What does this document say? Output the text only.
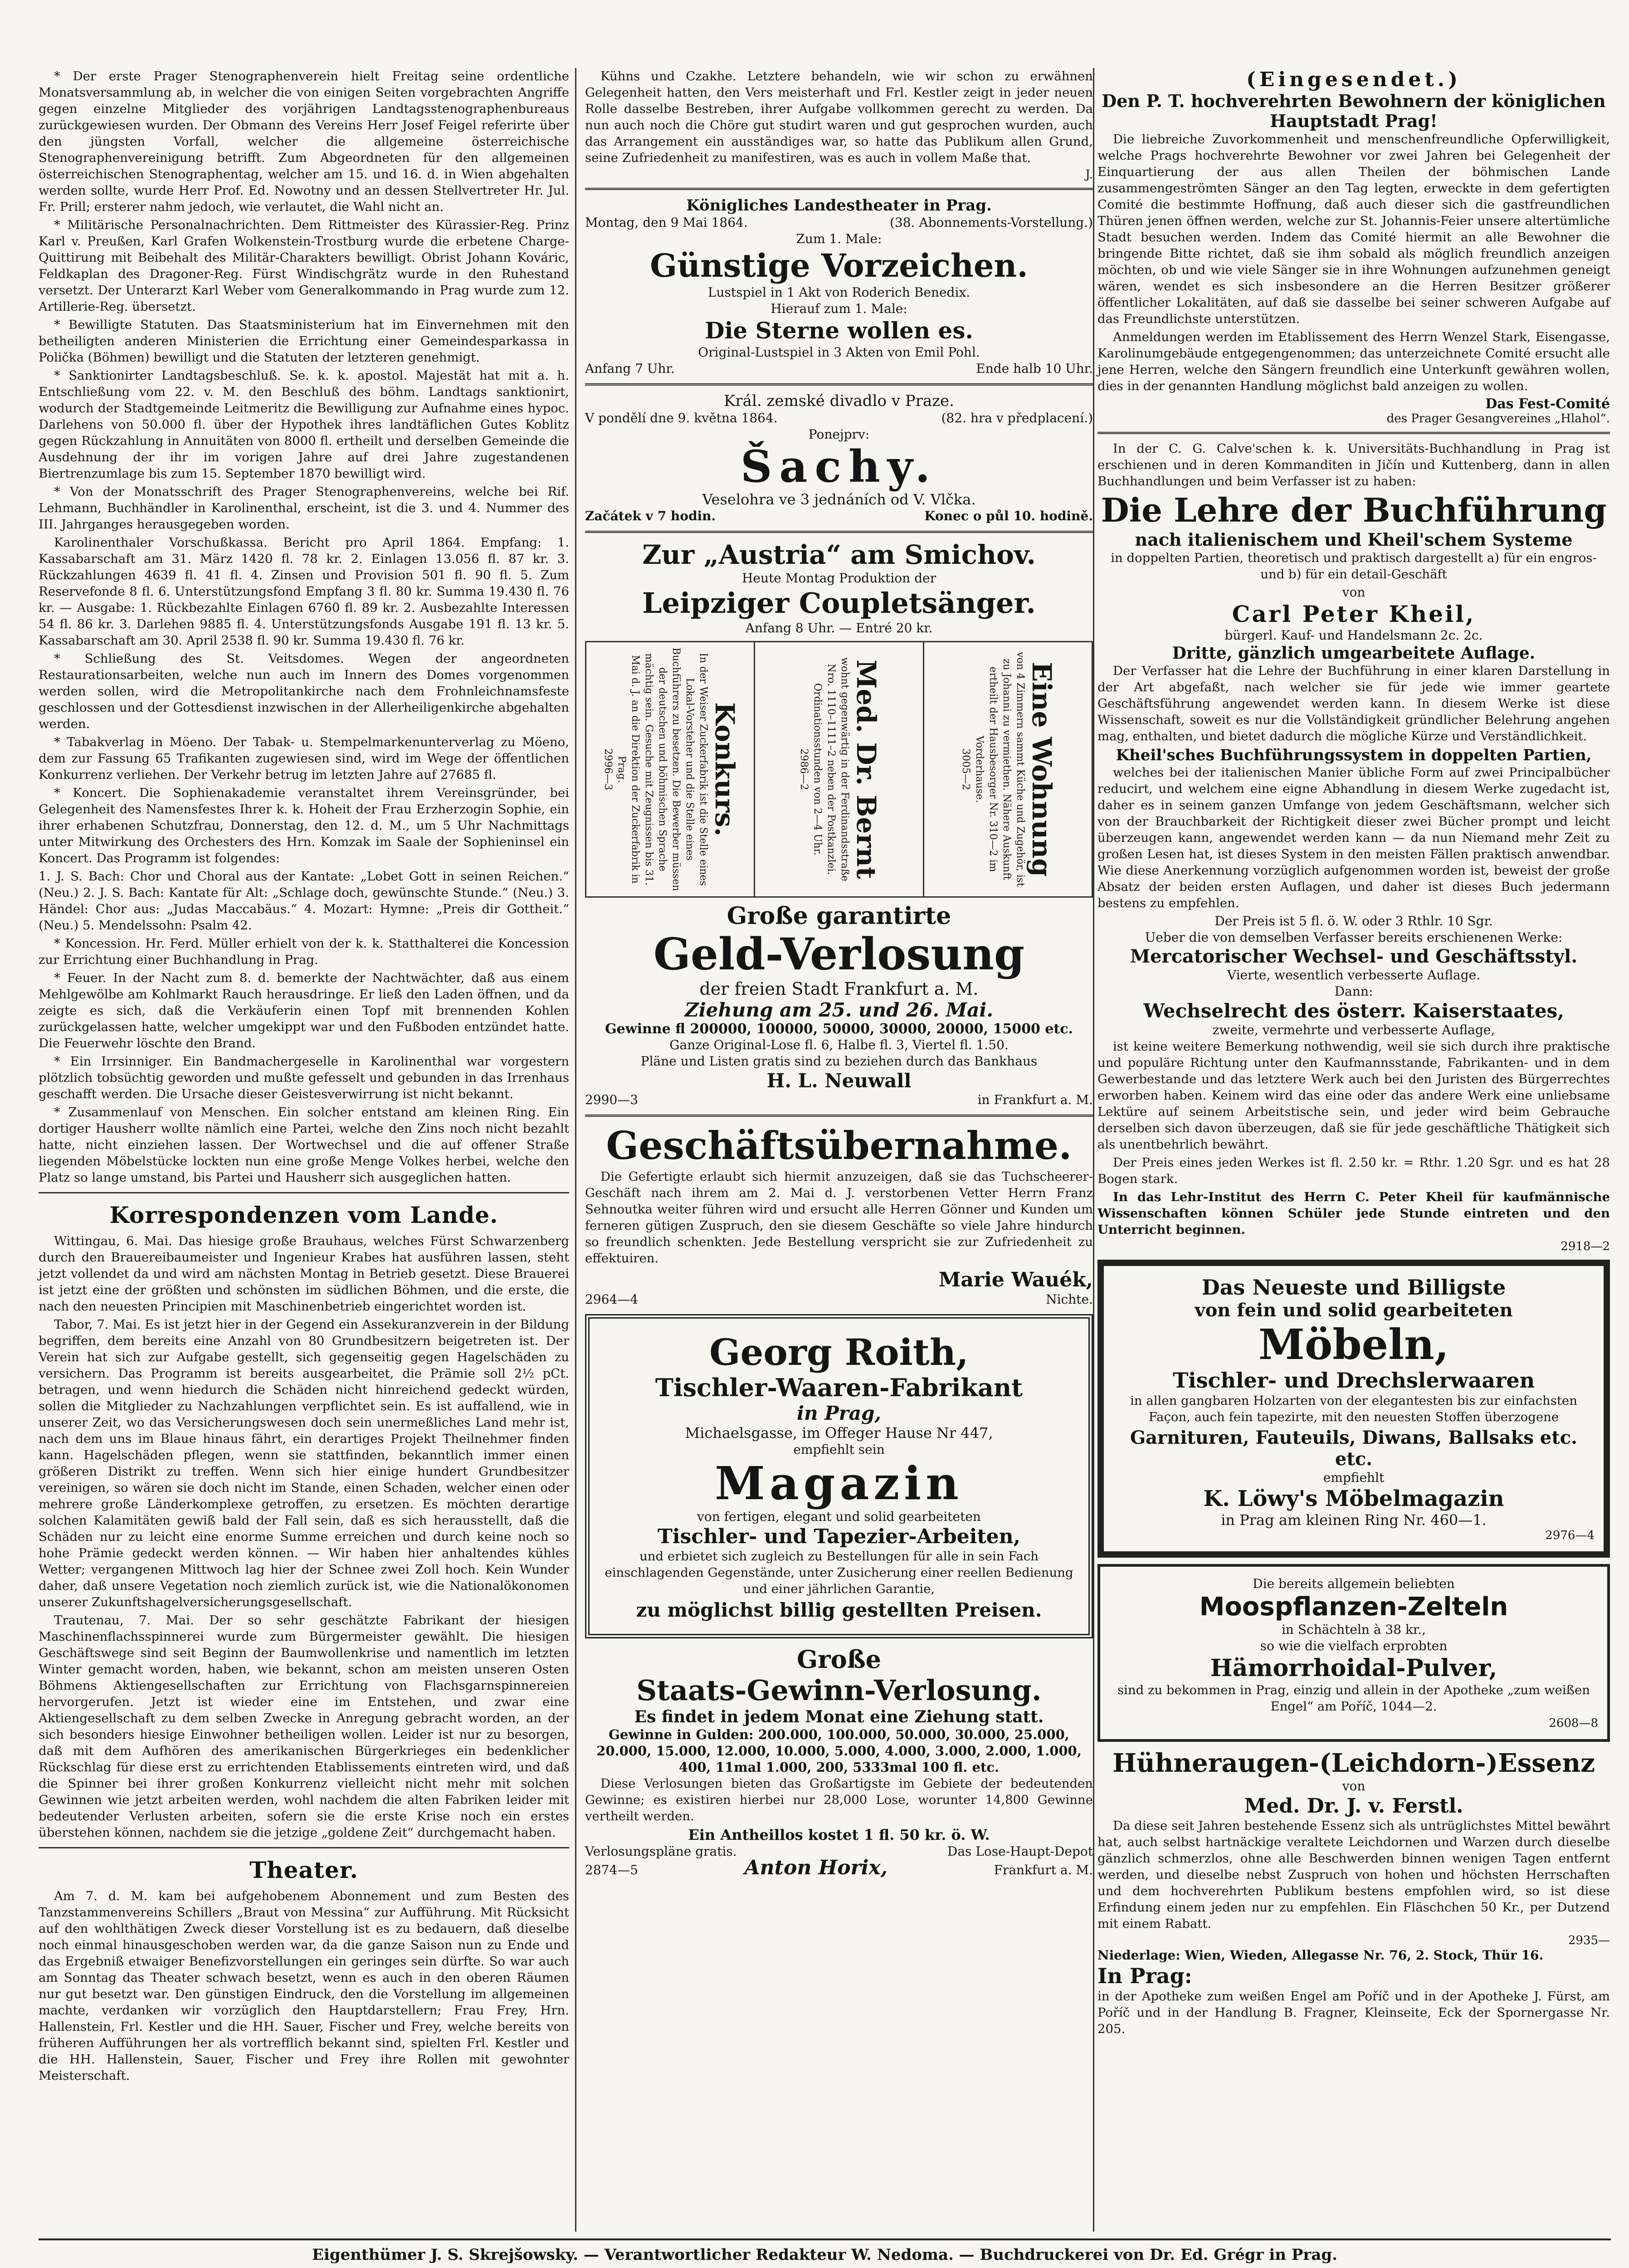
* Der erste Prager Stenographenverein hielt Freitag seine ordentliche Monatsversammlung ab, in welcher die von einigen Seiten vorgebrachten Angriffe gegen einzelne Mitglieder des vorjährigen Landtagsstenographenbureaus zurückgewiesen wurden. Der Obmann des Vereins Herr Josef Feigel referirte über den jüngsten Vorfall, welcher die allgemeine österreichische Stenographenvereinigung betrifft. Zum Abgeordneten für den allgemeinen österreichischen Stenographentag, welcher am 15. und 16. d. in Wien abgehalten werden sollte, wurde Herr Prof. Ed. Nowotny und an dessen Stellvertreter Hr. Jul. Fr. Prill; ersterer nahm jedoch, wie verlautet, die Wahl nicht an.

* Militärische Personalnachrichten. Dem Rittmeister des Kürassier-Reg. Prinz Karl v. Preußen, Karl Grafen Wolkenstein-Trostburg wurde die erbetene Charge-Quittirung mit Beibehalt des Militär-Charakters bewilligt. Obrist Johann Kováric, Feldkaplan des Dragoner-Reg. Fürst Windischgrätz wurde in den Ruhestand versetzt. Der Unterarzt Karl Weber vom Generalkommando in Prag wurde zum 12. Artillerie-Reg. übersetzt.

* Bewilligte Statuten. Das Staatsministerium hat im Einvernehmen mit den betheiligten anderen Ministerien die Errichtung einer Gemeindesparkassa in Polička (Böhmen) bewilligt und die Statuten der letzteren genehmigt.

* Sanktionirter Landtagsbeschluß. Se. k. k. apostol. Majestät hat mit a. h. Entschließung vom 22. v. M. den Beschluß des böhm. Landtags sanktionirt, wodurch der Stadtgemeinde Leitmeritz die Bewilligung zur Aufnahme eines hypoc. Darlehens von 50.000 fl. über der Hypothek ihres landtäflichen Gutes Koblitz gegen Rückzahlung in Annuitäten von 8000 fl. ertheilt und derselben Gemeinde die Ausdehnung der ihr im vorigen Jahre auf drei Jahre zugestandenen Biertrenzumlage bis zum 15. September 1870 bewilligt wird.

* Von der Monatsschrift des Prager Stenographenvereins, welche bei Rif. Lehmann, Buchhändler in Karolinenthal, erscheint, ist die 3. und 4. Nummer des III. Jahrganges herausgegeben worden.

Karolinenthaler Vorschußkassa. Bericht pro April 1864. Empfang: 1. Kassabarschaft am 31. März 1420 fl. 78 kr. 2. Einlagen 13.056 fl. 87 kr. 3. Rückzahlungen 4639 fl. 41 fl. 4. Zinsen und Provision 501 fl. 90 fl. 5. Zum Reservefonde 8 fl. 6. Unterstützungsfond Empfang 3 fl. 80 kr. Summa 19.430 fl. 76 kr. — Ausgabe: 1. Rückbezahlte Einlagen 6760 fl. 89 kr. 2. Ausbezahlte Interessen 54 fl. 86 kr. 3. Darlehen 9885 fl. 4. Unterstützungsfonds Ausgabe 191 fl. 13 kr. 5. Kassabarschaft am 30. April 2538 fl. 90 kr. Summa 19.430 fl. 76 kr.

* Schließung des St. Veitsdomes. Wegen der angeordneten Restaurationsarbeiten, welche nun auch im Innern des Domes vorgenommen werden sollen, wird die Metropolitankirche nach dem Frohnleichnamsfeste geschlossen und der Gottesdienst inzwischen in der Allerheiligenkirche abgehalten werden.

* Tabakverlag in Möeno. Der Tabak- u. Stempelmarkenunterverlag zu Möeno, dem zur Fassung 65 Trafikanten zugewiesen sind, wird im Wege der öffentlichen Konkurrenz verliehen. Der Verkehr betrug im letzten Jahre auf 27685 fl.

* Koncert. Die Sophienakademie veranstaltet ihrem Vereinsgründer, bei Gelegenheit des Namensfestes Ihrer k. k. Hoheit der Frau Erzherzogin Sophie, ein ihrer erhabenen Schutzfrau, Donnerstag, den 12. d. M., um 5 Uhr Nachmittags unter Mitwirkung des Orchesters des Hrn. Komzak im Saale der Sophieninsel ein Koncert. Das Programm ist folgendes:

1. J. S. Bach: Chor und Choral aus der Kantate: „Lobet Gott in seinen Reichen.“ (Neu.) 2. J. S. Bach: Kantate für Alt: „Schlage doch, gewünschte Stunde.“ (Neu.) 3. Händel: Chor aus: „Judas Maccabäus.“ 4. Mozart: Hymne: „Preis dir Gottheit.“ (Neu.) 5. Mendelssohn: Psalm 42.

* Koncession. Hr. Ferd. Müller erhielt von der k. k. Statthalterei die Koncession zur Errichtung einer Buchhandlung in Prag.

* Feuer. In der Nacht zum 8. d. bemerkte der Nachtwächter, daß aus einem Mehlgewölbe am Kohlmarkt Rauch herausdringe. Er ließ den Laden öffnen, und da zeigte es sich, daß die Verkäuferin einen Topf mit brennenden Kohlen zurückgelassen hatte, welcher umgekippt war und den Fußboden entzündet hatte. Die Feuerwehr löschte den Brand.

* Ein Irrsinniger. Ein Bandmachergeselle in Karolinenthal war vorgestern plötzlich tobsüchtig geworden und mußte gefesselt und gebunden in das Irrenhaus geschafft werden. Die Ursache dieser Geistesverwirrung ist nicht bekannt.

* Zusammenlauf von Menschen. Ein solcher entstand am kleinen Ring. Ein dortiger Hausherr wollte nämlich eine Partei, welche den Zins noch nicht bezahlt hatte, nicht einziehen lassen. Der Wortwechsel und die auf offener Straße liegenden Möbelstücke lockten nun eine große Menge Volkes herbei, welche den Platz so lange umstand, bis Partei und Hausherr sich ausgeglichen hatten.

Korrespondenzen vom Lande.

Wittingau, 6. Mai. Das hiesige große Brauhaus, welches Fürst Schwarzenberg durch den Brauereibaumeister und Ingenieur Krabes hat ausführen lassen, steht jetzt vollendet da und wird am nächsten Montag in Betrieb gesetzt. Diese Brauerei ist jetzt eine der größten und schönsten im südlichen Böhmen, und die erste, die nach den neuesten Principien mit Maschinenbetrieb eingerichtet worden ist.

Tabor, 7. Mai. Es ist jetzt hier in der Gegend ein Assekuranzverein in der Bildung begriffen, dem bereits eine Anzahl von 80 Grundbesitzern beigetreten ist. Der Verein hat sich zur Aufgabe gestellt, sich gegenseitig gegen Hagelschäden zu versichern. Das Programm ist bereits ausgearbeitet, die Prämie soll 2½ pCt. betragen, und wenn hiedurch die Schäden nicht hinreichend gedeckt würden, sollen die Mitglieder zu Nachzahlungen verpflichtet sein. Es ist auffallend, wie in unserer Zeit, wo das Versicherungswesen doch sein unermeßliches Land mehr ist, nach dem uns im Blaue hinaus fährt, ein derartiges Projekt Theilnehmer finden kann. Hagelschäden pflegen, wenn sie stattfinden, bekanntlich immer einen größeren Distrikt zu treffen. Wenn sich hier einige hundert Grundbesitzer vereinigen, so wären sie doch nicht im Stande, einen Schaden, welcher einen oder mehrere große Länderkomplexe getroffen, zu ersetzen. Es möchten derartige solchen Kalamitäten gewiß bald der Fall sein, daß es sich herausstellt, daß die Schäden nur zu leicht eine enorme Summe erreichen und durch keine noch so hohe Prämie gedeckt werden können. — Wir haben hier anhaltendes kühles Wetter; vergangenen Mittwoch lag hier der Schnee zwei Zoll hoch. Kein Wunder daher, daß unsere Vegetation noch ziemlich zurück ist, wie die Nationalökonomen unserer Zukunftshagelversicherungsgesellschaft.

Trautenau, 7. Mai. Der so sehr geschätzte Fabrikant der hiesigen Maschinenflachsspinnerei wurde zum Bürgermeister gewählt. Die hiesigen Geschäftswege sind seit Beginn der Baumwollenkrise und namentlich im letzten Winter gemacht worden, haben, wie bekannt, schon am meisten unseren Osten Böhmens Aktiengesellschaften zur Errichtung von Flachsgarnspinnereien hervorgerufen. Jetzt ist wieder eine im Entstehen, und zwar eine Aktiengesellschaft zu dem selben Zwecke in Anregung gebracht worden, an der sich besonders hiesige Einwohner betheiligen wollen. Leider ist nur zu besorgen, daß mit dem Aufhören des amerikanischen Bürgerkrieges ein bedenklicher Rückschlag für diese erst zu errichtenden Etablissements eintreten wird, und daß die Spinner bei ihrer großen Konkurrenz vielleicht nicht mehr mit solchen Gewinnen wie jetzt arbeiten werden, wohl nachdem die alten Fabriken leider mit bedeutender Verlusten arbeiten, sofern sie die erste Krise noch ein erstes überstehen können, nachdem sie die jetzige „goldene Zeit“ durchgemacht haben.

Theater.

Am 7. d. M. kam bei aufgehobenem Abonnement und zum Besten des Tanzstammenvereins Schillers „Braut von Messina“ zur Aufführung. Mit Rücksicht auf den wohlthätigen Zweck dieser Vorstellung ist es zu bedauern, daß dieselbe noch einmal hinausgeschoben werden war, da die ganze Saison nun zu Ende und das Ergebniß etwaiger Benefizvorstellungen ein geringes sein dürfte. So war auch am Sonntag das Theater schwach besetzt, wenn es auch in den oberen Räumen nur gut besetzt war. Den günstigen Eindruck, den die Vorstellung im allgemeinen machte, verdanken wir vorzüglich den Hauptdarstellern; Frau Frey, Hrn. Hallenstein, Frl. Kestler und die HH. Sauer, Fischer und Frey, welche bereits von früheren Aufführungen her als vortrefflich bekannt sind, spielten Frl. Kestler und die HH. Hallenstein, Sauer, Fischer und Frey ihre Rollen mit gewohnter Meisterschaft.

Kühns und Czakhe. Letztere behandeln, wie wir schon zu erwähnen Gelegenheit hatten, den Vers meisterhaft und Frl. Kestler zeigt in jeder neuen Rolle dasselbe Bestreben, ihrer Aufgabe vollkommen gerecht zu werden. Da nun auch noch die Chöre gut studirt waren und gut gesprochen wurden, auch das Arrangement ein ausständiges war, so hatte das Publikum allen Grund, seine Zufriedenheit zu manifestiren, was es auch in vollem Maße that.

J.
Königliches Landestheater in Prag.
Montag, den 9 Mai 1864.	(38. Abonnements-Vorstellung.)
Zum 1. Male:
Günstige Vorzeichen.
Lustspiel in 1 Akt von Roderich Benedix.
Hierauf zum 1. Male:
Die Sterne wollen es.
Original-Lustspiel in 3 Akten von Emil Pohl.
Anfang 7 Uhr.	Ende halb 10 Uhr.
Král. zemské divadlo v Praze.
V pondělí dne 9. května 1864.	(82. hra v předplacení.)
Ponejprv:
Šachy.
Veselohra ve 3 jednáních od V. Vlčka.
Začátek v 7 hodin.	Konec o půl 10. hodině.
Zur „Austria“ am Smichov.
Heute Montag Produktion der
Leipziger Coupletsänger.
Anfang 8 Uhr. — Entré 20 kr.
Konkurs.
In der Weiser Zuckerfabrik ist die Stelle eines Lokal-Vorsteher und die Stelle eines Buchführers zu besetzen. Die Bewerber müssen der deutschen und böhmischen Sprache mächtig sein. Gesuche mit Zeugnissen bis 31. Mai d. J. an die Direktion der Zuckerfabrik in Prag.
2996—3	Med. Dr. Bernt
wohnt gegenwärtig in der Ferdinandsstraße Nro. 1110–1111–2 neben der Postkanzlei. Ordinationsstunden von 2—4 Uhr.
2986—2	Eine Wohnung
von 4 Zimmern sammt Küche und Zugehör, ist zu Johanni zu vermiethen. Nähere Auskunft ertheilt der Hausbesorger Nr. 310—2 im Vorderhause.
3005—2
Große garantirte
Geld-Verlosung
der freien Stadt Frankfurt a. M.
Ziehung am 25. und 26. Mai.
Gewinne fl 200000, 100000, 50000, 30000, 20000, 15000 etc.
Ganze Original-Lose fl. 6, Halbe fl. 3, Viertel fl. 1.50.
Pläne und Listen gratis sind zu beziehen durch das Bankhaus
H. L. Neuwall
2990—3	in Frankfurt a. M.
Geschäftsübernahme.

Die Gefertigte erlaubt sich hiermit anzuzeigen, daß sie das Tuchscheerer-Geschäft nach ihrem am 2. Mai d. J. verstorbenen Vetter Herrn Franz Sehnoutka weiter führen wird und ersucht alle Herren Gönner und Kunden um ferneren gütigen Zuspruch, den sie diesem Geschäfte so viele Jahre hindurch so freundlich schenkten. Jede Bestellung verspricht sie zur Zufriedenheit zu effektuiren.

Marie Wauék,
2964—4	Nichte.
Georg Roith,
Tischler-Waaren-Fabrikant
in Prag,
Michaelsgasse, im Offeger Hause Nr 447,
empfiehlt sein
Magazin
von fertigen, elegant und solid gearbeiteten
Tischler- und Tapezier-Arbeiten,

und erbietet sich zugleich zu Bestellungen für alle in sein Fach einschlagenden Gegenstände, unter Zusicherung einer reellen Bedienung und einer jährlichen Garantie,

zu möglichst billig gestellten Preisen.
Große
Staats-Gewinn-Verlosung.
Es findet in jedem Monat eine Ziehung statt.
Gewinne in Gulden: 200.000, 100.000, 50.000, 30.000, 25.000, 20.000, 15.000, 12.000, 10.000, 5.000, 4.000, 3.000, 2.000, 1.000, 400, 11mal 1.000, 200, 5333mal 100 fl. etc.

Diese Verlosungen bieten das Großartigste im Gebiete der bedeutenden Gewinne; es existiren hierbei nur 28,000 Lose, worunter 14,800 Gewinne vertheilt werden.

Ein Antheillos kostet 1 fl. 50 kr. ö. W.
Verlosungspläne gratis.	Das Lose-Haupt-Depot
2874—5	Anton Horix,	Frankfurt a. M.
(Eingesendet.)
Den P. T. hochverehrten Bewohnern der königlichen Hauptstadt Prag!

Die liebreiche Zuvorkommenheit und menschenfreundliche Opferwilligkeit, welche Prags hochverehrte Bewohner vor zwei Jahren bei Gelegenheit der Einquartierung der aus allen Theilen der böhmischen Lande zusammengeströmten Sänger an den Tag legten, erweckte in dem gefertigten Comité die bestimmte Hoffnung, daß auch dieser sich die gastfreundlichen Thüren jenen öffnen werden, welche zur St. Johannis-Feier unsere altertümliche Stadt besuchen werden. Indem das Comité hiermit an alle Bewohner die bringende Bitte richtet, daß sie ihm sobald als möglich freundlich anzeigen möchten, ob und wie viele Sänger sie in ihre Wohnungen aufzunehmen geneigt wären, wendet es sich insbesondere an die Herren Besitzer größerer öffentlicher Lokalitäten, auf daß sie dasselbe bei seiner schweren Aufgabe auf das Freundlichste unterstützen.

Anmeldungen werden im Etablissement des Herrn Wenzel Stark, Eisengasse, Karolinumgebäude entgegengenommen; das unterzeichnete Comité ersucht alle jene Herren, welche den Sängern freundlich eine Unterkunft gewähren wollen, dies in der genannten Handlung möglichst bald anzeigen zu wollen.

Das Fest-Comité
des Prager Gesangvereines „Hlahol“.

In der C. G. Calve'schen k. k. Universitäts-Buchhandlung in Prag ist erschienen und in deren Kommanditen in Jičín und Kuttenberg, dann in allen Buchhandlungen und beim Verfasser ist zu haben:

Die Lehre der Buchführung
nach italienischem und Kheil'schem Systeme

in doppelten Partien, theoretisch und praktisch dargestellt a) für ein engros- und b) für ein detail-Geschäft

von
Carl Peter Kheil,
bürgerl. Kauf- und Handelsmann 2c. 2c.
Dritte, gänzlich umgearbeitete Auflage.

Der Verfasser hat die Lehre der Buchführung in einer klaren Darstellung in der Art abgefaßt, nach welcher sie für jede wie immer geartete Geschäftsführung angewendet werden kann. In diesem Werke ist diese Wissenschaft, soweit es nur die Vollständigkeit gründlicher Belehrung angehen mag, enthalten, und bietet dadurch die mögliche Kürze und Verständlichkeit.

Kheil'sches Buchführungssystem in doppelten Partien,

welches bei der italienischen Manier übliche Form auf zwei Principalbücher reducirt, und welchem eine eigne Abhandlung in diesem Werke zugedacht ist, daher es in seinem ganzen Umfange von jedem Geschäftsmann, welcher sich von der Brauchbarkeit der Richtigkeit dieser zwei Bücher prompt und leicht überzeugen kann, angewendet werden kann — da nun Niemand mehr Zeit zu großen Lesen hat, ist dieses System in den meisten Fällen praktisch anwendbar. Wie diese Anerkennung vorzüglich aufgenommen worden ist, beweist der große Absatz der beiden ersten Auflagen, und daher ist dieses Buch jedermann bestens zu empfehlen.

Der Preis ist 5 fl. ö. W. oder 3 Rthlr. 10 Sgr.
Ueber die von demselben Verfasser bereits erschienenen Werke:
Mercatorischer Wechsel- und Geschäftsstyl.
Vierte, wesentlich verbesserte Auflage.
Dann:
Wechselrecht des österr. Kaiserstaates,
zweite, vermehrte und verbesserte Auflage,

ist keine weitere Bemerkung nothwendig, weil sie sich durch ihre praktische und populäre Richtung unter den Kaufmannsstande, Fabrikanten- und in dem Gewerbestande und das letztere Werk auch bei den Juristen des Bürgerrechtes erworben haben. Keinem wird das eine oder das andere Werk eine unliebsame Lektüre auf seinem Arbeitstische sein, und jeder wird beim Gebrauche derselben sich davon überzeugen, daß sie für jede geschäftliche Thätigkeit sich als unentbehrlich bewährt.

Der Preis eines jeden Werkes ist fl. 2.50 kr. = Rthr. 1.20 Sgr. und es hat 28 Bogen stark.

In das Lehr-Institut des Herrn C. Peter Kheil für kaufmännische Wissenschaften können Schüler jede Stunde eintreten und den Unterricht beginnen.

2918—2
Das Neueste und Billigste
von fein und solid gearbeiteten
Möbeln,
Tischler- und Drechslerwaaren

in allen gangbaren Holzarten von der elegantesten bis zur einfachsten Façon, auch fein tapezirte, mit den neuesten Stoffen überzogene

Garnituren, Fauteuils, Diwans, Ballsaks etc. etc.
empfiehlt
K. Löwy's Möbelmagazin
in Prag am kleinen Ring Nr. 460—1.
2976—4
Die bereits allgemein beliebten
Moospflanzen-Zelteln
in Schächteln à 38 kr.,
so wie die vielfach erprobten
Hämorrhoidal-Pulver,

sind zu bekommen in Prag, einzig und allein in der Apotheke „zum weißen Engel“ am Poříč, 1044—2.

2608—8
Hühneraugen-(Leichdorn-)Essenz
von
Med. Dr. J. v. Ferstl.

Da diese seit Jahren bestehende Essenz sich als untrüglichstes Mittel bewährt hat, auch selbst hartnäckige veraltete Leichdornen und Warzen durch dieselbe gänzlich schmerzlos, ohne alle Beschwerden binnen wenigen Tagen entfernt werden, und dieselbe nebst Zuspruch von hohen und höchsten Herrschaften und dem hochverehrten Publikum bestens empfohlen wird, so ist diese Erfindung einem jeden nur zu empfehlen. Ein Fläschchen 50 Kr., per Dutzend mit einem Rabatt.

2935—
Niederlage: Wien, Wieden, Allegasse Nr. 76, 2. Stock, Thür 16.
In Prag:

in der Apotheke zum weißen Engel am Poříč und in der Apotheke J. Fürst, am Poříč und in der Handlung B. Fragner, Kleinseite, Eck der Spornergasse Nr. 205.

Eigenthümer J. S. Skrejšowsky. — Verantwortlicher Redakteur W. Nedoma. — Buchdruckerei von Dr. Ed. Grégr in Prag.
